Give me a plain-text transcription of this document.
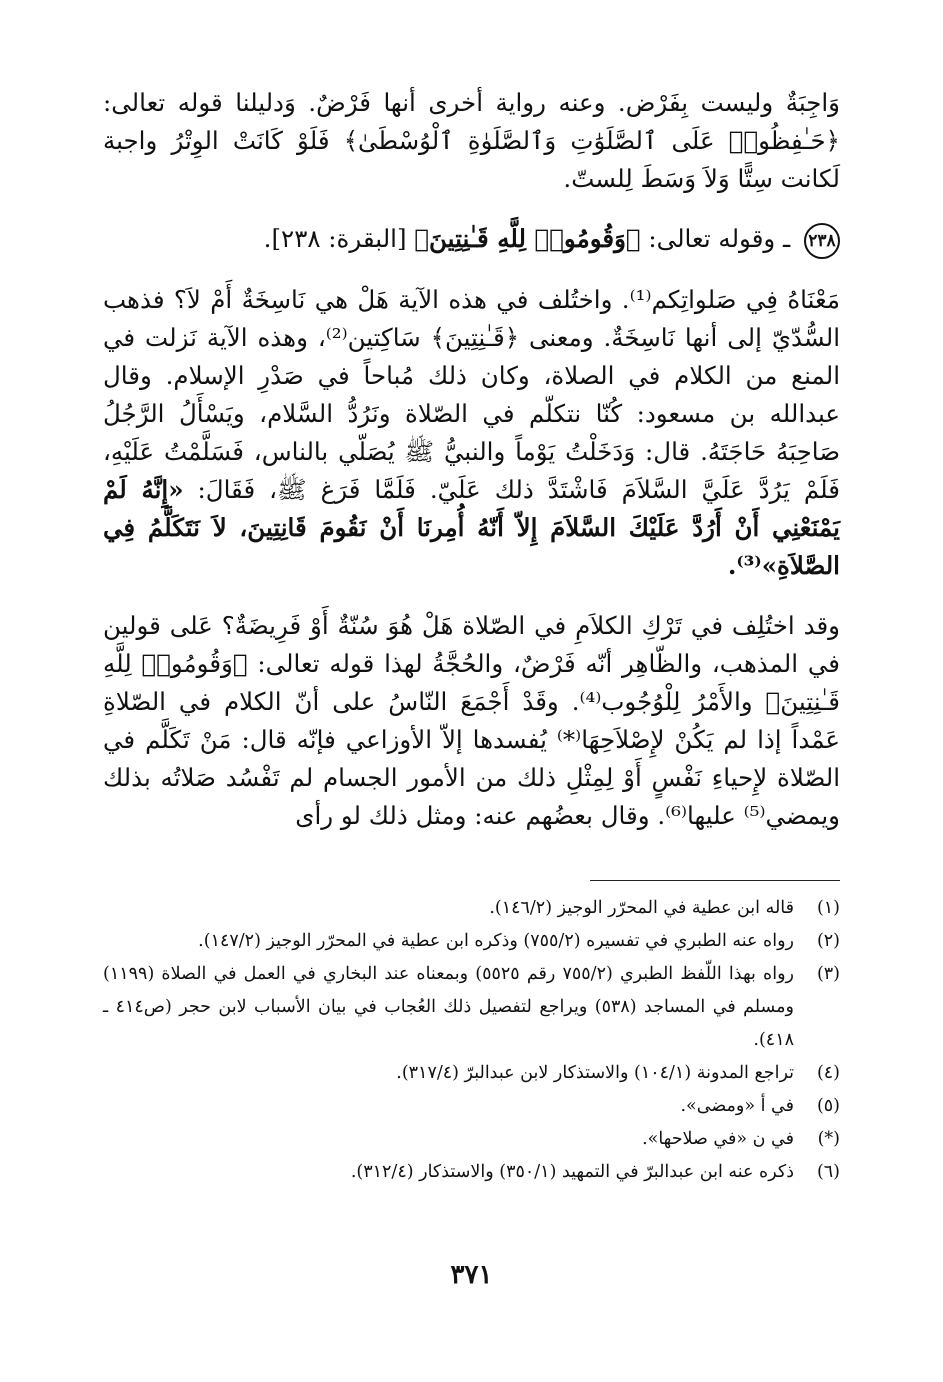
وَاجِبَةٌ وليست بِفَرْض. وعنه رواية أخرى أنها فَرْضٌ. وَدليلنا قوله تعالى: ﴿حَـٰفِظُوا۟ عَلَى ٱلصَّلَوَٰتِ وَٱلصَّلَوٰةِ ٱلْوُسْطَىٰ﴾ فَلَوْ كَانَتْ الوِتْرُ واجبة لَكانت سِتًّا وَلاَ وَسَطَ لِلستّ.

٢٣٨ ـ وقوله تعالى: ﴿وَقُومُوا۟ لِلَّهِ قَـٰنِتِينَ﴾ [البقرة: ٢٣٨].

مَعْنَاهُ فِي صَلواتِكم⁽¹⁾. واختُلف في هذه الآية هَلْ هي نَاسِخَةٌ أَمْ لاَ؟ فذهب السُّدّيّ إلى أنها نَاسِخَةٌ. ومعنى ﴿قَـٰنِتِينَ﴾ سَاكِتين⁽²⁾، وهذه الآية نَزلت في المنع من الكلام في الصلاة، وكان ذلك مُباحاً في صَدْرِ الإسلام. وقال عبدالله بن مسعود: كُنّا نتكلّم في الصّلاة ونَرُدُّ السَّلام، ويَسْأَلُ الرَّجُلُ صَاحِبَهُ حَاجَتَهُ. قال: وَدَخَلْتُ يَوْماً والنبيُّ ﷺ يُصَلّي بالناس، فَسَلَّمْتُ عَلَيْهِ، فَلَمْ يَرُدَّ عَلَيَّ السَّلاَمَ فَاشْتَدَّ ذلك عَلَيّ. فَلَمَّا فَرَغ ﷺ، فَقَالَ: «إِنَّهُ لَمْ يَمْنَعْنِي أَنْ أَرُدَّ عَلَيْكَ السَّلاَمَ إِلاّ أَنّهُ أُمِرنَا أَنْ نَقُومَ قَانِتِينَ، لاَ نَتَكَلَّمُ فِي الصَّلاَةِ»⁽³⁾.

وقد اختُلِف في تَرْكِ الكلاَمِ في الصّلاة هَلْ هُوَ سُنّةٌ أَوْ فَرِيضَةٌ؟ عَلى قولين في المذهب، والظّاهِر أنّه فَرْضٌ، والحُجَّةُ لهذا قوله تعالى: ﴿وَقُومُوا۟ لِلَّهِ قَـٰنِتِينَ﴾ والأَمْرُ لِلْوُجُوب⁽⁴⁾. وقَدْ أَجْمَعَ النّاسُ على أنّ الكلام في الصّلاةِ عَمْداً إذا لم يَكُنْ لإِصْلاَحِهَا⁽*⁾ يُفسدها إلاّ الأوزاعي فإنّه قال: مَنْ تَكَلَّم في الصّلاة لإِحياءِ نَفْسٍ أَوْ لِمِثْلِ ذلك من الأمور الجسام لم تَفْسُد صَلاتُه بذلك ويمضي⁽⁵⁾ عليها⁽⁶⁾. وقال بعضُهم عنه: ومثل ذلك لو رأى

(١)
قاله ابن عطية في المحرّر الوجيز (١٤٦/٢).
(٢)
رواه عنه الطبري في تفسيره (٧٥٥/٢) وذكره ابن عطية في المحرّر الوجيز (١٤٧/٢).
(٣)
رواه بهذا اللّفظ الطبري (٧٥٥/٢ رقم ٥٥٢٥) وبمعناه عند البخاري في العمل في الصلاة (١١٩٩) ومسلم في المساجد (٥٣٨) ويراجع لتفصيل ذلك العُجاب في بيان الأسباب لابن حجر (ص٤١٤ ـ ٤١٨).
(٤)
تراجع المدونة (١٠٤/١) والاستذكار لابن عبدالبرّ (٣١٧/٤).
(٥)
في أ «ومضى».
(*)
في ن «في صلاحها».
(٦)
ذكره عنه ابن عبدالبرّ في التمهيد (٣٥٠/١) والاستذكار (٣١٢/٤).
٣٧١
